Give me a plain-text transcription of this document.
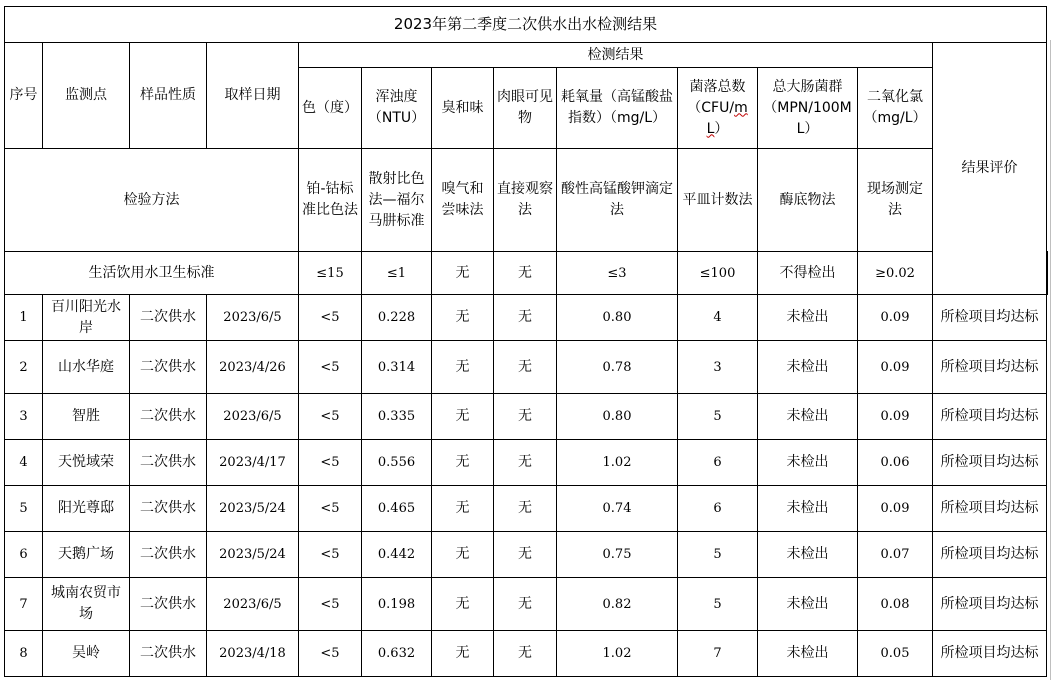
2023年第二季度二次供水出水检测结果													
序号	监测点	样品性质	取样日期	检测结果								结果评价	
				色（度）	浑浊度（NTU）	臭和味	肉眼可见物	耗氧量（高锰酸盐指数）（mg/L）	菌落总数（CFU/mL）	总大肠菌群（MPN/100ML）	二氧化氯（mg/L）		
检验方法				铂-钴标准比色法	散射比色法—福尔马肼标准	嗅气和尝味法	直接观察法	酸性高锰酸钾滴定法	平皿计数法	酶底物法	现场测定法		
生活饮用水卫生标准				≤15	≤1	无	无	≤3	≤100	不得检出	≥0.02		
1	百川阳光水岸	二次供水	2023/6/5	<5	0.228	无	无	0.80	4	未检出	0.09	所检项目均达标	
2	山水华庭	二次供水	2023/4/26	<5	0.314	无	无	0.78	3	未检出	0.09	所检项目均达标	
3	智胜	二次供水	2023/6/5	<5	0.335	无	无	0.80	5	未检出	0.09	所检项目均达标	
4	天悦域荣	二次供水	2023/4/17	<5	0.556	无	无	1.02	6	未检出	0.06	所检项目均达标	
5	阳光尊邸	二次供水	2023/5/24	<5	0.465	无	无	0.74	6	未检出	0.09	所检项目均达标	
6	天鹅广场	二次供水	2023/5/24	<5	0.442	无	无	0.75	5	未检出	0.07	所检项目均达标	
7	城南农贸市场	二次供水	2023/6/5	<5	0.198	无	无	0.82	5	未检出	0.08	所检项目均达标	
8	吴岭	二次供水	2023/4/18	<5	0.632	无	无	1.02	7	未检出	0.05	所检项目均达标	
